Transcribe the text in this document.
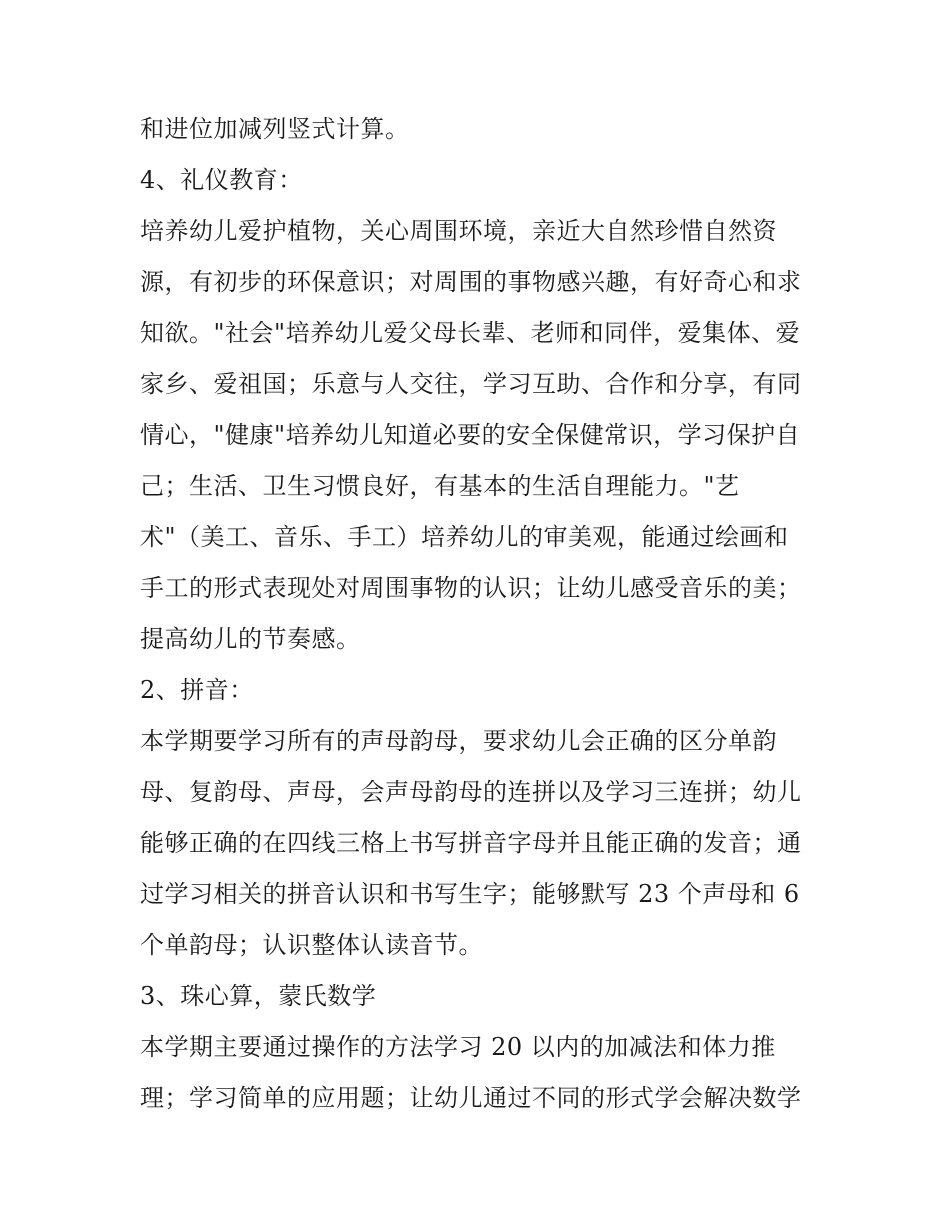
和进位加减列竖式计算。
4、礼仪教育：
培养幼儿爱护植物，关心周围环境，亲近大自然珍惜自然资
源，有初步的环保意识；对周围的事物感兴趣，有好奇心和求
知欲。"社会"培养幼儿爱父母长辈、老师和同伴，爱集体、爱
家乡、爱祖国；乐意与人交往，学习互助、合作和分享，有同
情心，"健康"培养幼儿知道必要的安全保健常识，学习保护自
己；生活、卫生习惯良好，有基本的生活自理能力。"艺
术"（美工、音乐、手工）培养幼儿的审美观，能通过绘画和
手工的形式表现处对周围事物的认识；让幼儿感受音乐的美；
提高幼儿的节奏感。
2、拼音：
本学期要学习所有的声母韵母，要求幼儿会正确的区分单韵
母、复韵母、声母，会声母韵母的连拼以及学习三连拼；幼儿
能够正确的在四线三格上书写拼音字母并且能正确的发音；通
过学习相关的拼音认识和书写生字；能够默写 23 个声母和 6
个单韵母；认识整体认读音节。
3、珠心算，蒙氏数学
本学期主要通过操作的方法学习 20 以内的加减法和体力推
理；学习简单的应用题；让幼儿通过不同的形式学会解决数学
